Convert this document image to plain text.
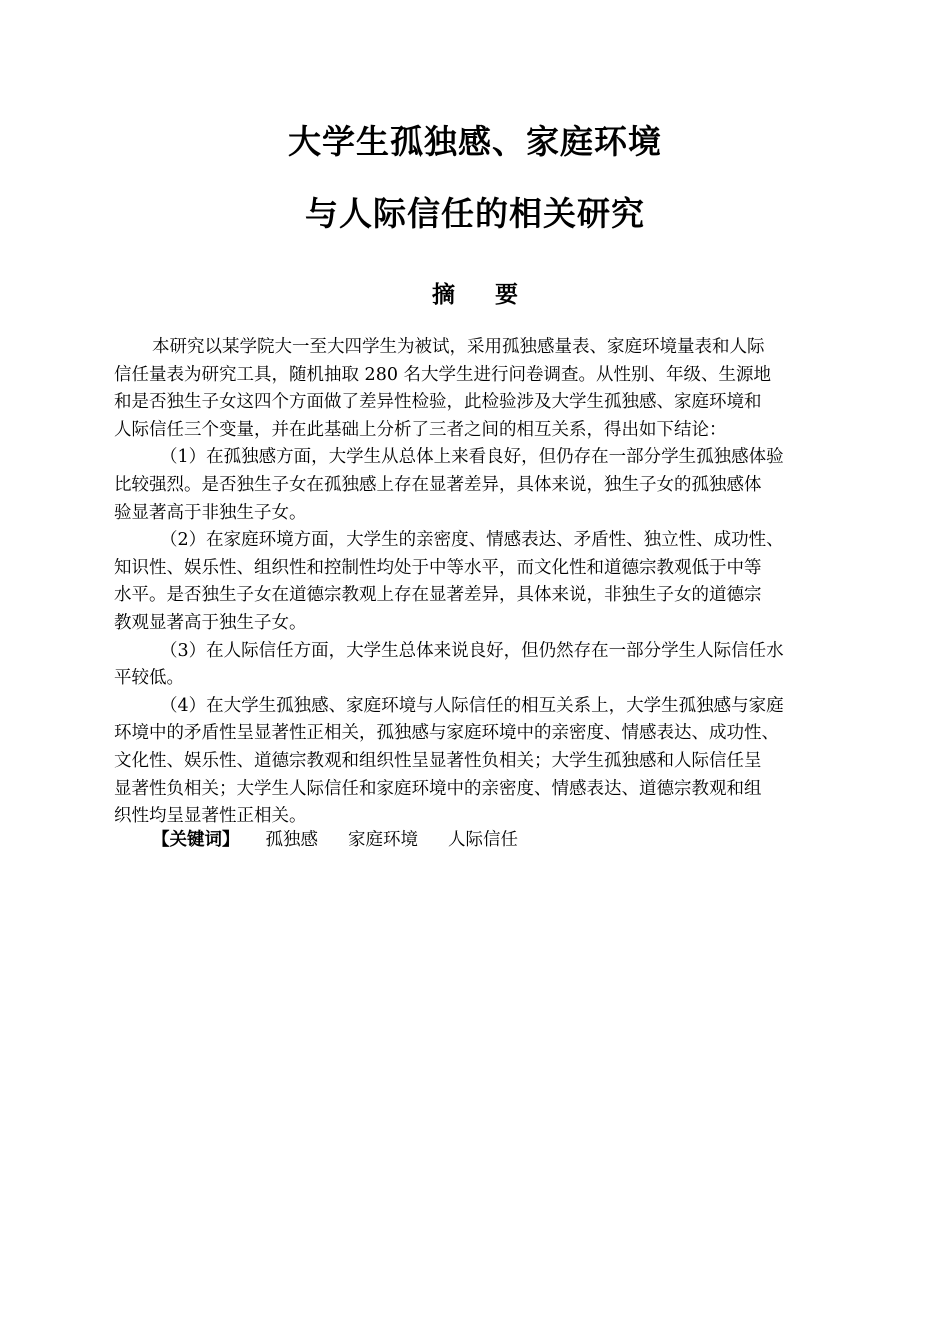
大学生孤独感、家庭环境
与人际信任的相关研究
摘要
本研究以某学院大一至大四学生为被试，采用孤独感量表、家庭环境量表和人际
信任量表为研究工具，随机抽取 280 名大学生进行问卷调查。从性别、年级、生源地
和是否独生子女这四个方面做了差异性检验，此检验涉及大学生孤独感、家庭环境和
人际信任三个变量，并在此基础上分析了三者之间的相互关系，得出如下结论：
（1）在孤独感方面，大学生从总体上来看良好，但仍存在一部分学生孤独感体验
比较强烈。是否独生子女在孤独感上存在显著差异，具体来说，独生子女的孤独感体
验显著高于非独生子女。
（2）在家庭环境方面，大学生的亲密度、情感表达、矛盾性、独立性、成功性、
知识性、娱乐性、组织性和控制性均处于中等水平，而文化性和道德宗教观低于中等
水平。是否独生子女在道德宗教观上存在显著差异，具体来说，非独生子女的道德宗
教观显著高于独生子女。
（3）在人际信任方面，大学生总体来说良好，但仍然存在一部分学生人际信任水
平较低。
（4）在大学生孤独感、家庭环境与人际信任的相互关系上，大学生孤独感与家庭
环境中的矛盾性呈显著性正相关，孤独感与家庭环境中的亲密度、情感表达、成功性、
文化性、娱乐性、道德宗教观和组织性呈显著性负相关；大学生孤独感和人际信任呈
显著性负相关；大学生人际信任和家庭环境中的亲密度、情感表达、道德宗教观和组
织性均呈显著性正相关。
【关键词】 孤独感 家庭环境 人际信任
